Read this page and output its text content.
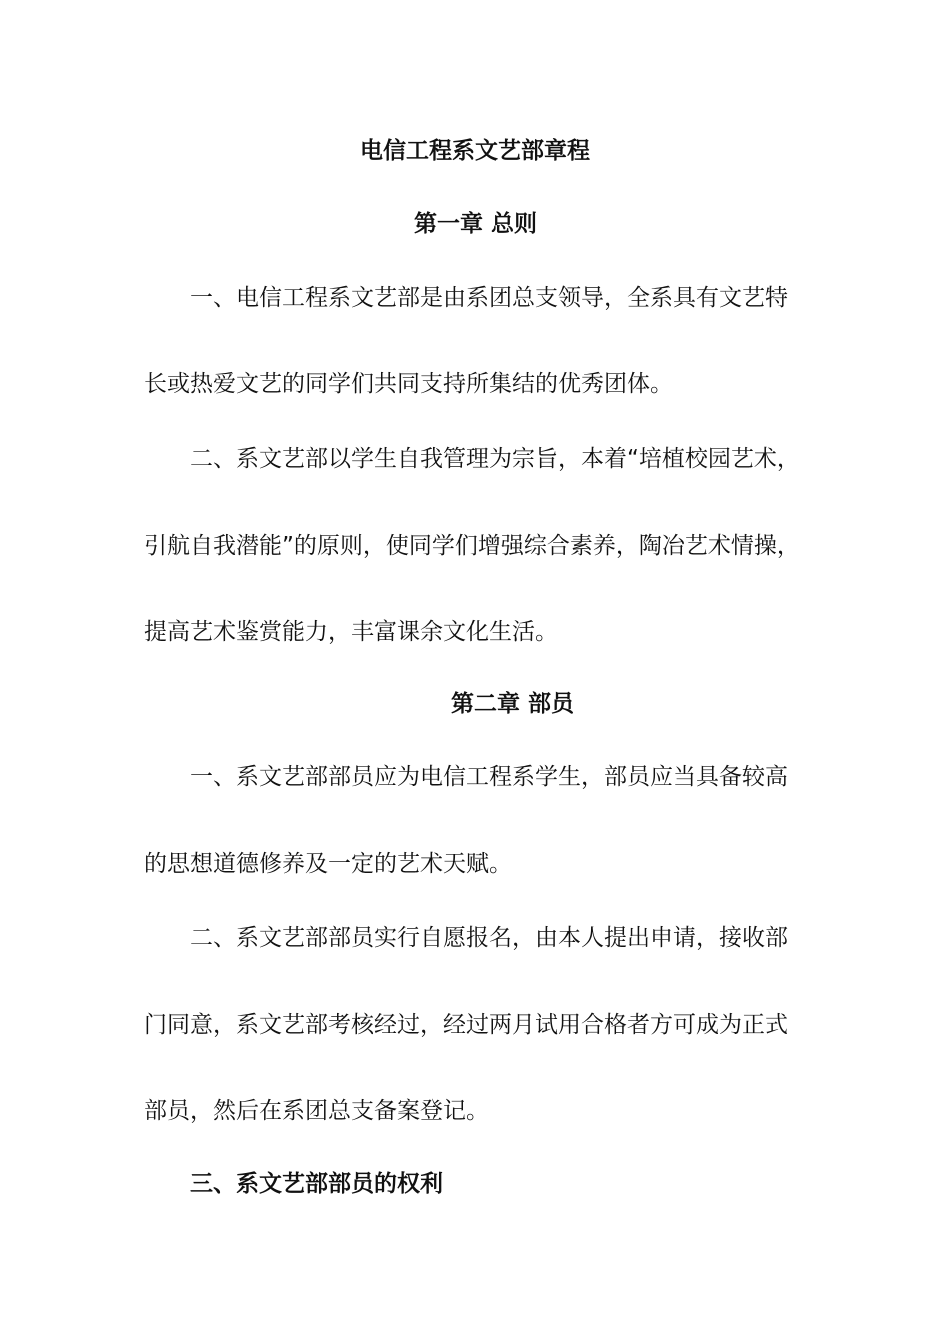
电信工程系文艺部章程
第一章 总则
一、电信工程系文艺部是由系团总支领导，全系具有文艺特
长或热爱文艺的同学们共同支持所集结的优秀团体。
二、系文艺部以学生自我管理为宗旨，本着“培植校园艺术，
引航自我潜能”的原则，使同学们增强综合素养，陶冶艺术情操，
提高艺术鉴赏能力，丰富课余文化生活。
第二章 部员
一、系文艺部部员应为电信工程系学生，部员应当具备较高
的思想道德修养及一定的艺术天赋。
二、系文艺部部员实行自愿报名，由本人提出申请，接收部
门同意，系文艺部考核经过，经过两月试用合格者方可成为正式
部员，然后在系团总支备案登记。
三、系文艺部部员的权利
